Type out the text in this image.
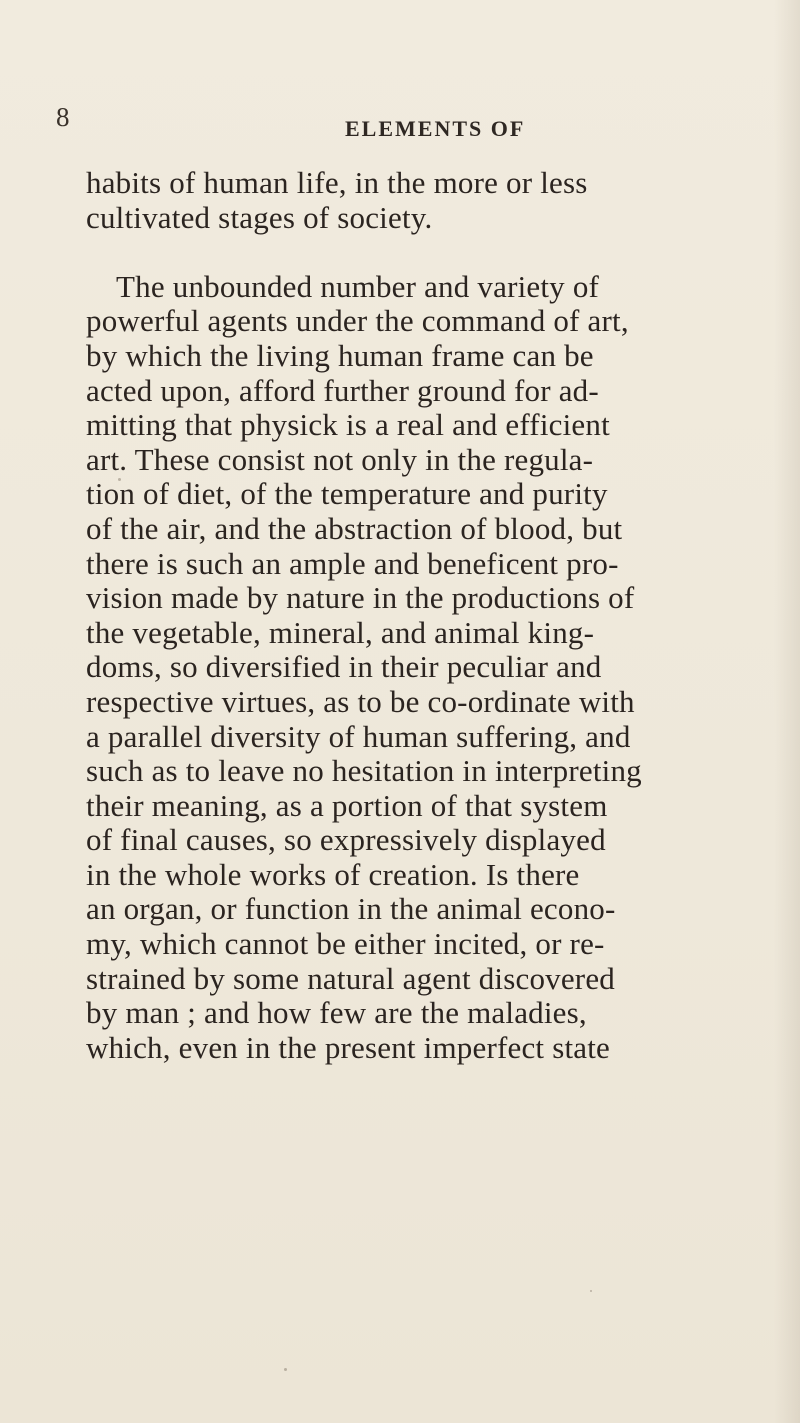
8	ELEMENTS OF
habits of human life, in the more or less
cultivated stages of society.
The unbounded number and variety of
powerful agents under the command of art,
by which the living human frame can be
acted upon, afford further ground for ad-
mitting that physick is a real and efficient
art. These consist not only in the regula-
tion of diet, of the temperature and purity
of the air, and the abstraction of blood, but
there is such an ample and beneficent pro-
vision made by nature in the productions of
the vegetable, mineral, and animal king-
doms, so diversified in their peculiar and
respective virtues, as to be co-ordinate with
a parallel diversity of human suffering, and
such as to leave no hesitation in interpreting
their meaning, as a portion of that system
of final causes, so expressively displayed
in the whole works of creation. Is there
an organ, or function in the animal econo-
my, which cannot be either incited, or re-
strained by some natural agent discovered
by man ; and how few are the maladies,
which, even in the present imperfect state
